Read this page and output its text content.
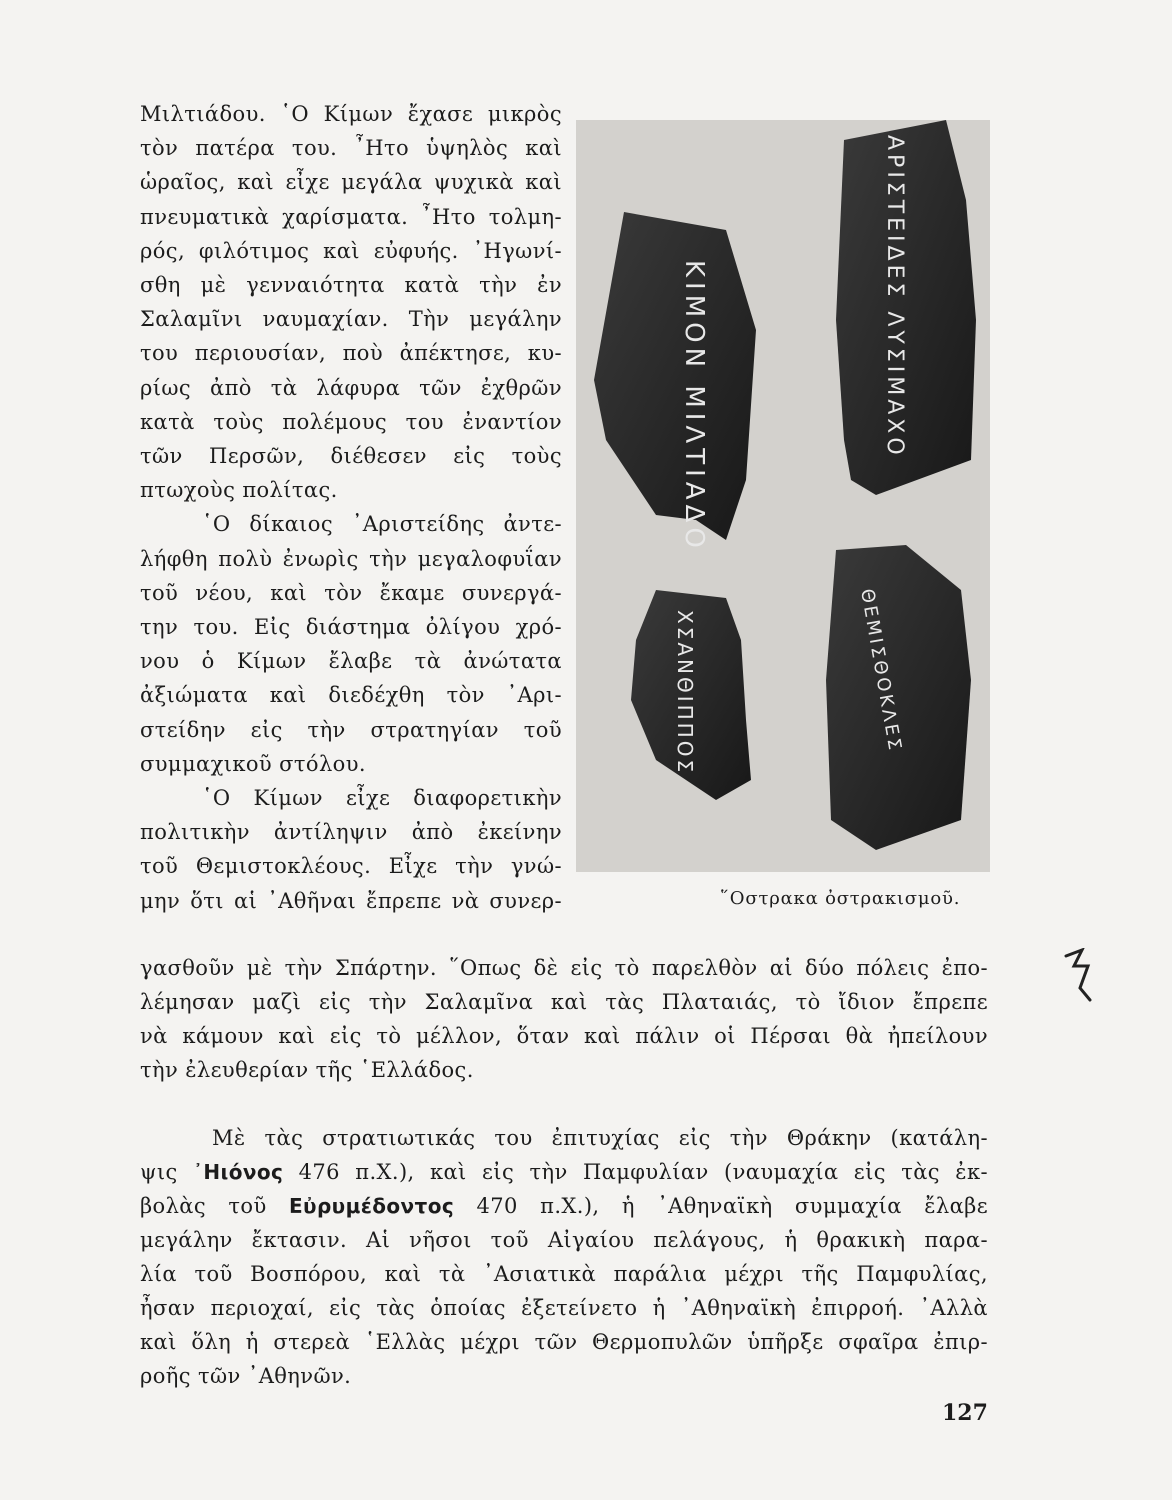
Μιλτιάδου. ῾Ο Κίμων ἔχασε μικρὸς
τὸν πατέρα του. ῏Ητο ὑψηλὸς καὶ
ὡραῖος, καὶ εἶχε μεγάλα ψυχικὰ καὶ
πνευματικὰ χαρίσματα. ῏Ητο τολμη-
ρός, φιλότιμος καὶ εὐφυής. ᾿Ηγωνί-
σθη μὲ γενναιότητα κατὰ τὴν ἐν
Σαλαμῖνι ναυμαχίαν. Τὴν μεγάλην
του περιουσίαν, ποὺ ἀπέκτησε, κυ-
ρίως ἀπὸ τὰ λάφυρα τῶν ἐχθρῶν
κατὰ τοὺς πολέμους του ἐναντίον
τῶν Περσῶν, διέθεσεν εἰς τοὺς
πτωχοὺς πολίτας.
῾Ο δίκαιος ᾿Αριστείδης ἀντε-
λήφθη πολὺ ἐνωρὶς τὴν μεγαλοφυΐαν
τοῦ νέου, καὶ τὸν ἔκαμε συνεργά-
την του. Εἰς διάστημα ὀλίγου χρό-
νου ὁ Κίμων ἔλαβε τὰ ἀνώτατα
ἀξιώματα καὶ διεδέχθη τὸν ᾿Αρι-
στείδην εἰς τὴν στρατηγίαν τοῦ
συμμαχικοῦ στόλου.
῾Ο Κίμων εἶχε διαφορετικὴν
πολιτικὴν ἀντίληψιν ἀπὸ ἐκείνην
τοῦ Θεμιστοκλέους. Εἶχε τὴν γνώ-
μην ὅτι αἱ ᾿Αθῆναι ἔπρεπε νὰ συνερ-
γασθοῦν μὲ τὴν Σπάρτην. ῞Οπως δὲ εἰς τὸ παρελθὸν αἱ δύο πόλεις ἐπο-
λέμησαν μαζὶ εἰς τὴν Σαλαμῖνα καὶ τὰς Πλαταιάς, τὸ ἴδιον ἔπρεπε
νὰ κάμουν καὶ εἰς τὸ μέλλον, ὅταν καὶ πάλιν οἱ Πέρσαι θὰ ἠπείλουν
τὴν ἐλευθερίαν τῆς ῾Ελλάδος.
Μὲ τὰς στρατιωτικάς του ἐπιτυχίας εἰς τὴν Θράκην (κατάλη-
ψις ᾿Ηιόνος 476 π.Χ.), καὶ εἰς τὴν Παμφυλίαν (ναυμαχία εἰς τὰς ἐκ-
βολὰς τοῦ Εὐρυμέδοντος 470 π.Χ.), ἡ ᾿Αθηναϊκὴ συμμαχία ἔλαβε
μεγάλην ἔκτασιν. Αἱ νῆσοι τοῦ Αἰγαίου πελάγους, ἡ θρακικὴ παρα-
λία τοῦ Βοσπόρου, καὶ τὰ ᾿Ασιατικὰ παράλια μέχρι τῆς Παμφυλίας,
ἦσαν περιοχαί, εἰς τὰς ὁποίας ἐξετείνετο ἡ ᾿Αθηναϊκὴ ἐπιρροή. ᾿Αλλὰ
καὶ ὅλη ἡ στερεὰ ῾Ελλὰς μέχρι τῶν Θερμοπυλῶν ὑπῆρξε σφαῖρα ἐπιρ-
ροῆς τῶν ᾿Αθηνῶν.
ΚΙΜΟΝ ΜΙΛΤΙΑΔΟ	ΑΡΙΣΤΕΙΔΕΣ ΛΥΣΙΜΑΧΟ
ΧΣΑΝΘΙΠΠΟΣ	ΘΕΜΙΣΘΟΚΛΕΣ
῞Οστρακα ὀστρακισμοῦ.
127
